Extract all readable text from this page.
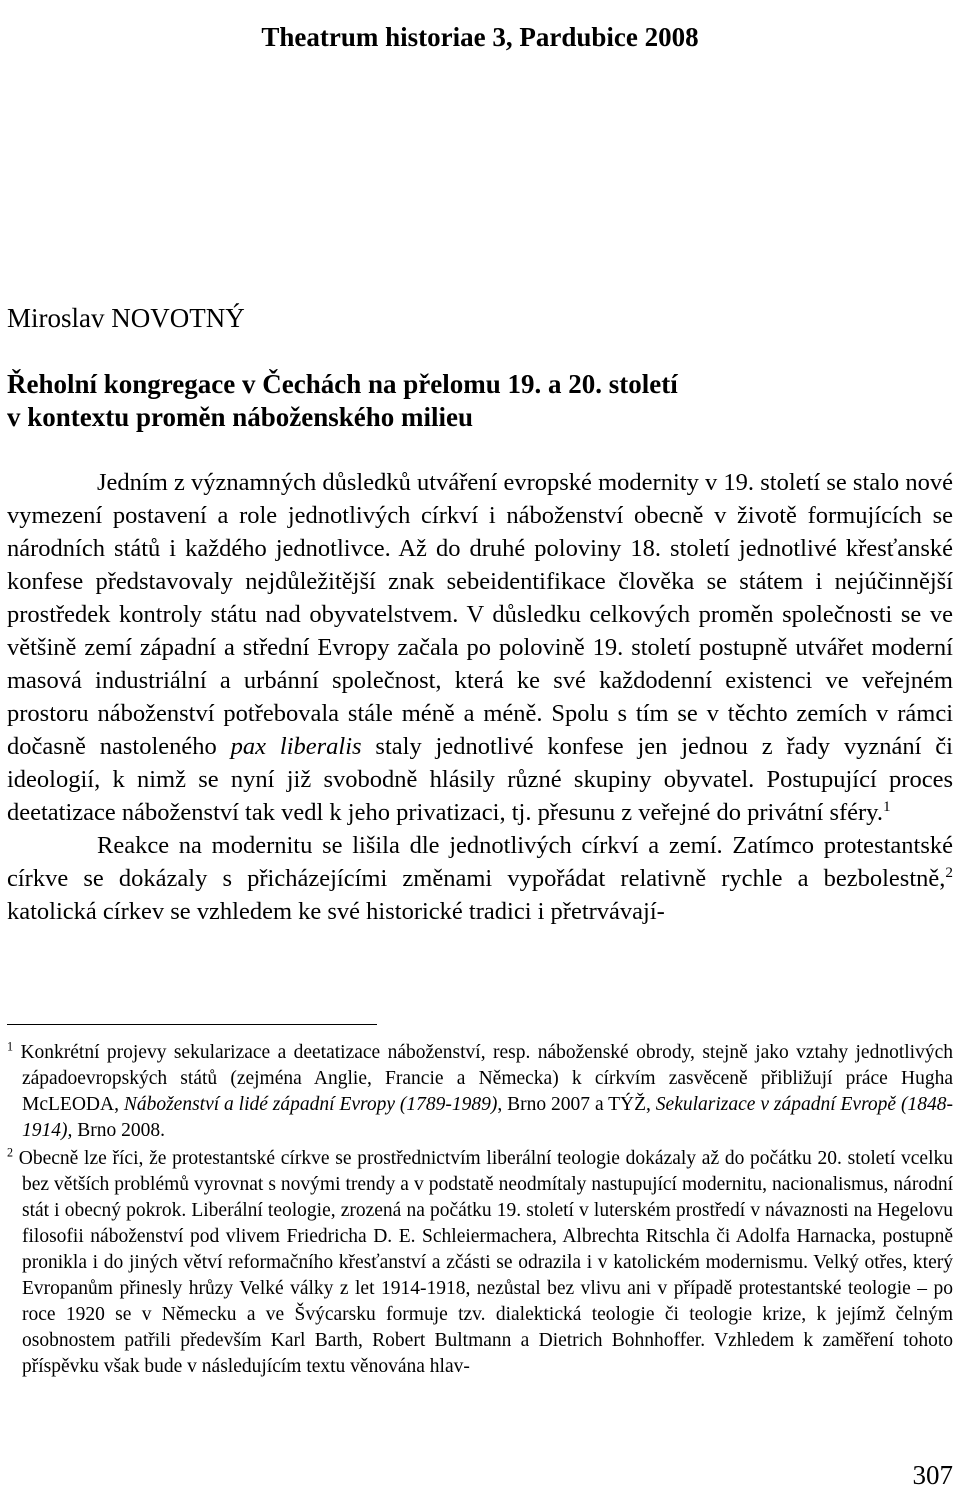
Theatrum historiae 3, Pardubice 2008
Miroslav NOVOTNÝ
Řeholní kongregace v Čechách na přelomu 19. a 20. století
v kontextu proměn náboženského milieu

Jedním z významných důsledků utváření evropské modernity v 19. století se stalo nové vymezení postavení a role jednotlivých církví i náboženství obecně v životě formujících se národních států i každého jednotlivce. Až do druhé poloviny 18. století jednotlivé křesťanské konfese představovaly nejdůležitější znak sebeidentifikace člověka se státem i nejúčinnější prostředek kontroly státu nad obyvatelstvem. V důsledku celkových proměn společnosti se ve většině zemí západní a střední Evropy začala po polovině 19. století postupně utvářet moderní masová industriální a urbánní společnost, která ke své každodenní existenci ve veřejném prostoru náboženství potřebovala stále méně a méně. Spolu s tím se v těchto zemích v rámci dočasně nastoleného pax liberalis staly jednotlivé konfese jen jednou z řady vyznání či ideologií, k nimž se nyní již svobodně hlásily různé skupiny obyvatel. Postupující proces deetatizace náboženství tak vedl k jeho privatizaci, tj. přesunu z veřejné do privátní sféry.$^1$

Reakce na modernitu se lišila dle jednotlivých církví a zemí. Zatímco protestantské církve se dokázaly s přicházejícími změnami vypořádat relativně rychle a bezbolestně,$^2$ katolická církev se vzhledem ke své historické tradici i přetrvávají-

$^1$ Konkrétní projevy sekularizace a deetatizace náboženství, resp. náboženské obrody, stejně jako vztahy jednotlivých západoevropských států (zejména Anglie, Francie a Německa) k církvím zasvěceně přibližují práce Hugha McLEODA, Náboženství a lidé západní Evropy (1789-1989), Brno 2007 a TÝŽ, Sekularizace v západní Evropě (1848-1914), Brno 2008.

$^2$ Obecně lze říci, že protestantské církve se prostřednictvím liberální teologie dokázaly až do počátku 20. století vcelku bez větších problémů vyrovnat s novými trendy a v podstatě neodmítaly nastupující modernitu, nacionalismus, národní stát i obecný pokrok. Liberální teologie, zrozená na počátku 19. století v luterském prostředí v návaznosti na Hegelovu filosofii náboženství pod vlivem Friedricha D. E. Schleiermachera, Albrechta Ritschla či Adolfa Harnacka, postupně pronikla i do jiných větví reformačního křesťanství a zčásti se odrazila i v katolickém modernismu. Velký otřes, který Evropanům přinesly hrůzy Velké války z let 1914-1918, nezůstal bez vlivu ani v případě protestantské teologie – po roce 1920 se v Německu a ve Švýcarsku formuje tzv. dialektická teologie či teologie krize, k jejímž čelným osobnostem patřili především Karl Barth, Robert Bultmann a Dietrich Bohnhoffer. Vzhledem k zaměření tohoto příspěvku však bude v následujícím textu věnována hlav-

307
